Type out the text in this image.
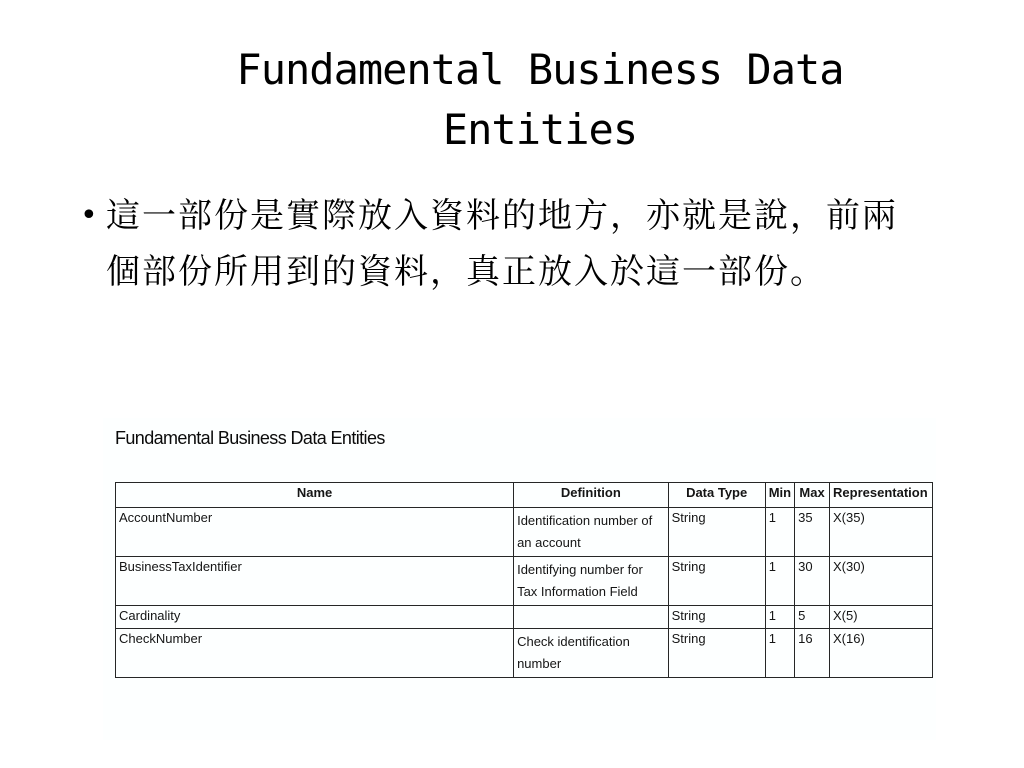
Fundamental Business Data Entities
• 這一部份是實際放入資料的地方，亦就是說，前兩個部份所用到的資料，真正放入於這一部份。
Fundamental Business Data Entities
Name	Definition	Data Type	Min	Max	Representation
AccountNumber	Identification number of an account	String	1	35	X(35)
BusinessTaxIdentifier	Identifying number for Tax Information Field	String	1	30	X(30)
Cardinality		String	1	5	X(5)
CheckNumber	Check identification number	String	1	16	X(16)
